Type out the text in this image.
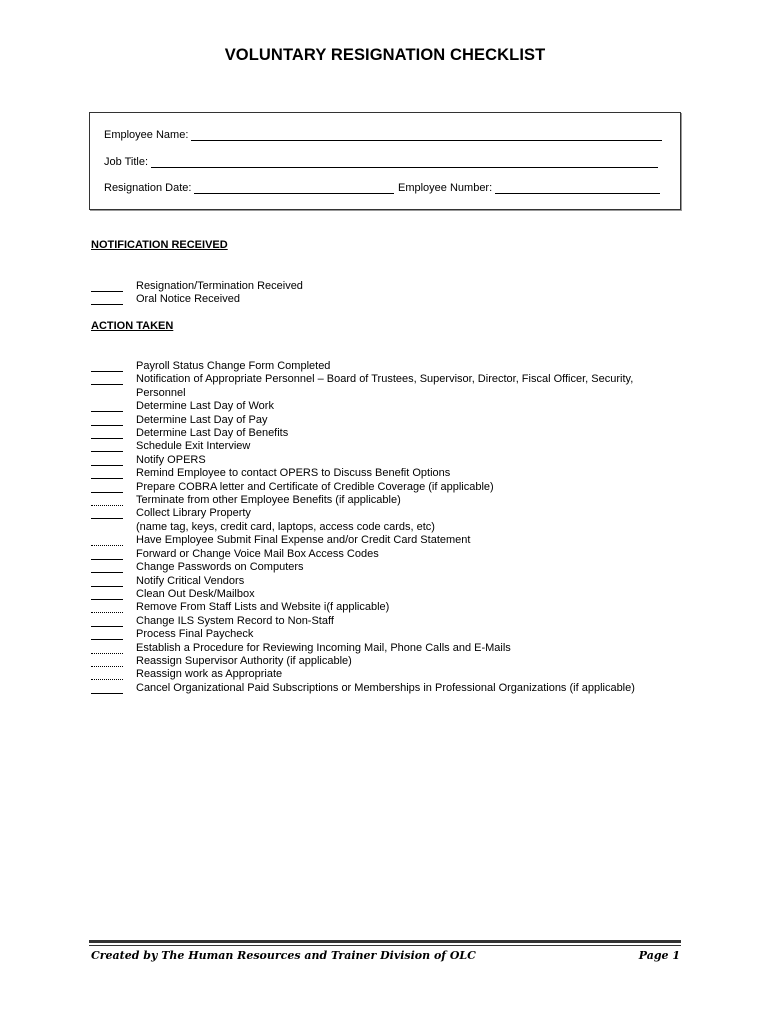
VOLUNTARY RESIGNATION CHECKLIST
Employee Name:
Job Title:
Resignation Date:	Employee Number:
NOTIFICATION RECEIVED
Resignation/Termination Received
Oral Notice Received
ACTION TAKEN
Payroll Status Change Form Completed
Notification of Appropriate Personnel – Board of Trustees, Supervisor, Director, Fiscal Officer, Security,
Personnel
Determine Last Day of Work
Determine Last Day of Pay
Determine Last Day of Benefits
Schedule Exit Interview
Notify OPERS
Remind Employee to contact OPERS to Discuss Benefit Options
Prepare COBRA letter and Certificate of Credible Coverage (if applicable)
Terminate from other Employee Benefits (if applicable)
Collect Library Property
(name tag, keys, credit card, laptops, access code cards, etc)
Have Employee Submit Final Expense and/or Credit Card Statement
Forward or Change Voice Mail Box Access Codes
Change Passwords on Computers
Notify Critical Vendors
Clean Out Desk/Mailbox
Remove From Staff Lists and Website i(f applicable)
Change ILS System Record to Non-Staff
Process Final Paycheck
Establish a Procedure for Reviewing Incoming Mail, Phone Calls and E-Mails
Reassign Supervisor Authority (if applicable)
Reassign work as Appropriate
Cancel Organizational Paid Subscriptions or Memberships in Professional Organizations (if applicable)
Created by The Human Resources and Trainer Division of OLC	Page 1
